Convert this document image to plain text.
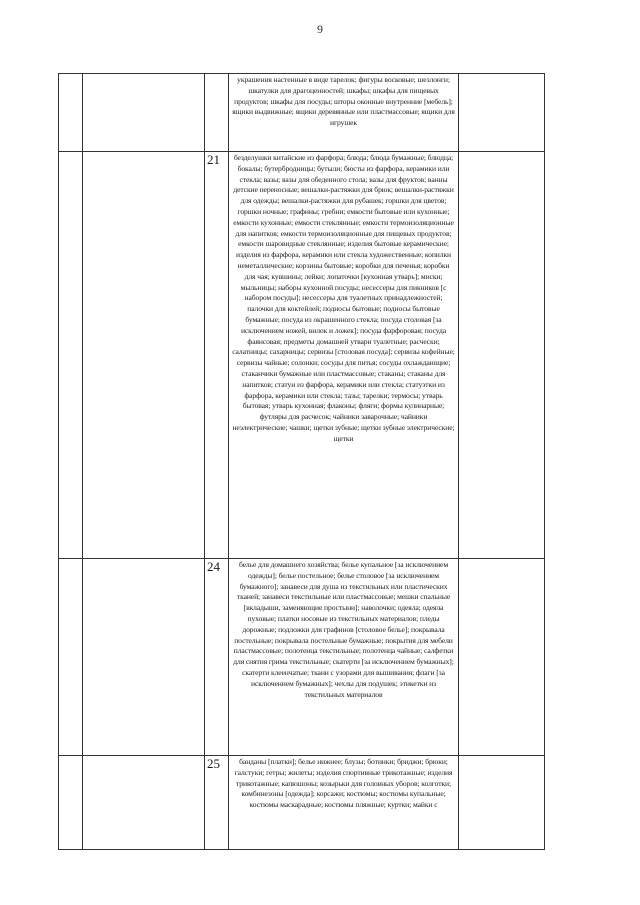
9
			украшения настенные в виде тарелок; фигуры восковые; шезлонги; шкатулки для драгоценностей; шкафы; шкафы для пищевых продуктов; шкафы для посуды; шторы оконные внутренние [мебель]; ящики выдвижные; ящики деревянные или пластмассовые; ящики для игрушек	
		21	безделушки китайские из фарфора; блюда; блюда бумажные; блюдца; бокалы; бутербродницы; бутыли; бюсты из фарфора, керамики или стекла; вазы; вазы для обеденного стола; вазы для фруктов; ванны детские переносные; вешалки-растяжки для брюк; вешалки-растяжки для одежды; вешалки-растяжки для рубашек; горшки для цветов; горшки ночные; графины; гребни; емкости бытовые или кухонные; емкости кухонные; емкости стеклянные; емкости термоизоляционные для напитков; емкости термоизоляционные для пищевых продуктов; емкости шаровидные стеклянные; изделия бытовые керамические; изделия из фарфора, керамики или стекла художественные; копилки неметаллические; корзины бытовые; коробки для печенья; коробки для чая; кувшины; лейки; лопаточки [кухонная утварь]; миски; мыльницы; наборы кухонной посуды; несессеры для пикников [с набором посуды]; несессеры для туалетных принадлежностей; палочки для коктейлей; подносы бытовые; подносы бытовые бумажные; посуда из окрашенного стекла; посуда столовая [за исключением ножей, вилок и ложек]; посуда фарфоровая; посуда фаянсовая; предметы домашней утвари туалетные; расчески; салатницы; сахарницы; сервизы [столовая посуда]; сервизы кофейные; сервизы чайные; солонки; сосуды для питья; сосуды охлаждающие; стаканчики бумажные или пластмассовые; стаканы; стаканы для напитков; статуи из фарфора, керамики или стекла; статуэтки из фарфора, керамики или стекла; тазы; тарелки; термосы; утварь бытовая; утварь кухонная; флаконы; фляги; формы кулинарные; футляры для расчесок; чайники заварочные; чайники неэлектрические; чашки; щетки зубные; щетки зубные электрические; щетки	
		24	белье для домашнего хозяйства; белье купальное [за исключением одежды]; белье постельное; белье столовое [за исключением бумажного]; занавеси для душа из текстильных или пластических тканей; занавеси текстильные или пластмассовые; мешки спальные [вкладыши, заменяющие простыни]; наволочки; одеяла; одеяла пуховые; платки носовые из текстильных материалов; пледы дорожные; подложки для графинов [столовое белье]; покрывала постельные; покрывала постельные бумажные; покрытия для мебели пластмассовые; полотенца текстильные; полотенца чайные; салфетки для снятия грима текстильные; скатерти [за исключением бумажных]; скатерти клеенчатые; ткани с узорами для вышивания; флаги [за исключением бумажных]; чехлы для подушек; этикетки из текстильных материалов	
		25	банданы [платки]; белье нижнее; блузы; ботинки; бриджи; брюки; галстуки; гетры; жилеты; изделия спортивные трикотажные; изделия трикотажные; капюшоны; козырьки для головных уборов; колготки; комбинезоны [одежда]; корсажи; костюмы; костюмы купальные; костюмы маскарадные; костюмы пляжные; куртки; майки с	
